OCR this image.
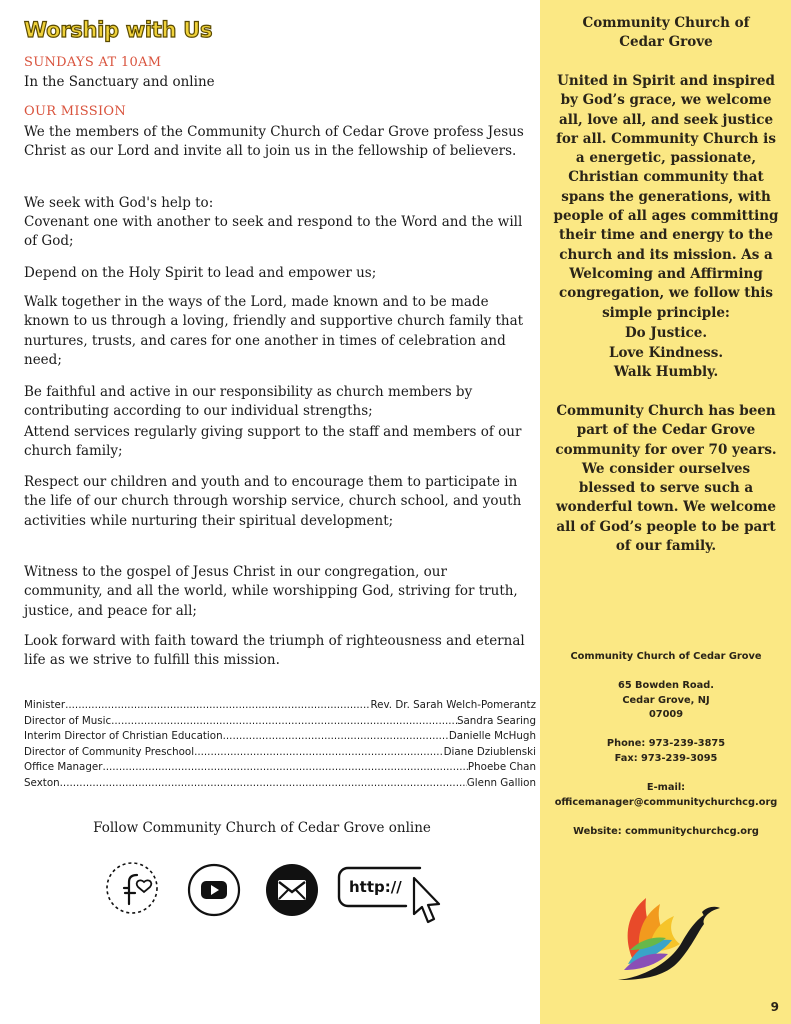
Worship with Us
SUNDAYS AT 10AM
In the Sanctuary and online
OUR MISSION
We the members of the Community Church of Cedar Grove profess Jesus Christ as our Lord and invite all to join us in the fellowship of believers.
We seek with God's help to:
Covenant one with another to seek and respond to the Word and the will of God;
Depend on the Holy Spirit to lead and empower us;
Walk together in the ways of the Lord, made known and to be made known to us through a loving, friendly and supportive church family that nurtures, trusts, and cares for one another in times of celebration and need;
Be faithful and active in our responsibility as church members by contributing according to our individual strengths;
Attend services regularly giving support to the staff and members of our church family;
Respect our children and youth and to encourage them to participate in the life of our church through worship service, church school, and youth activities while nurturing their spiritual development;
Witness to the gospel of Jesus Christ in our congregation, our community, and all the world, while worshipping God, striving for truth, justice, and peace for all;
Look forward with faith toward the triumph of righteousness and eternal life as we strive to fulfill this mission.
Minister .....	Rev. Dr. Sarah Welch-Pomerantz
Director of Music .....	Sandra Searing
Interim Director of Christian Education .....	Danielle McHugh
Director of Community Preschool......... .....	Diane Dziublenski
Office Manager .....	Phoebe Chan
Sexton .....	Glenn Gallion
Follow Community Church of Cedar Grove online
http://
Community Church of
Cedar Grove
United in Spirit and inspired by God’s grace, we welcome all, love all, and seek justice for all. Community Church is a energetic, passionate, Christian community that spans the generations, with people of all ages committing their time and energy to the church and its mission. As a Welcoming and Affirming congregation, we follow this simple principle:
Do Justice.
Love Kindness.
Walk Humbly.
Community Church has been part of the Cedar Grove community for over 70 years. We consider ourselves blessed to serve such a wonderful town. We welcome all of God’s people to be part of our family.
Community Church of Cedar Grove
65 Bowden Road.
Cedar Grove, NJ
07009
Phone: 973-239-3875
Fax: 973-239-3095
E-mail:
officemanager@communitychurchcg.org
Website: communitychurchcg.org
9
